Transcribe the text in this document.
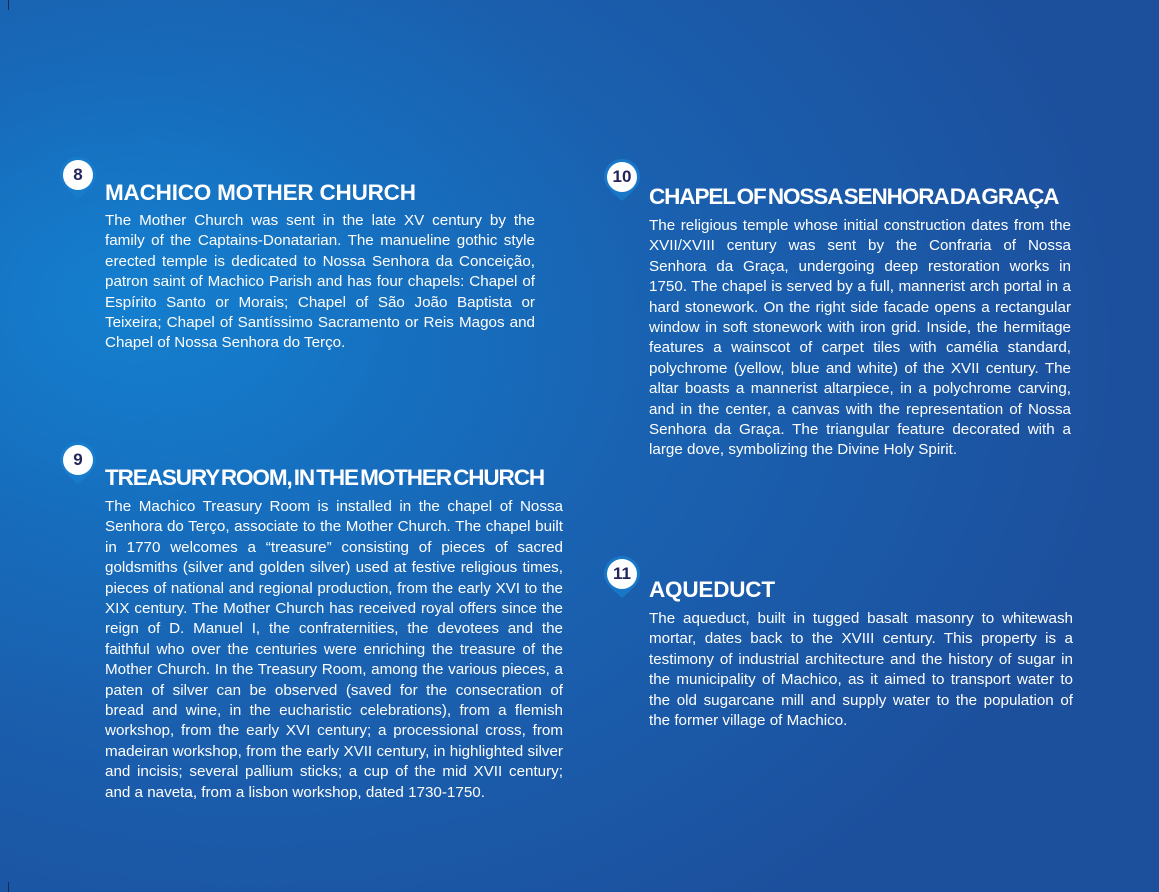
8
MACHICO MOTHER CHURCH
The Mother Church was sent in the late XV century by the family of the Captains-Donatarian. The manueline gothic style erected temple is dedicated to Nossa Senhora da Conceição, patron saint of Machico Parish and has four chapels: Chapel of Espírito Santo or Morais; Chapel of São João Baptista or Teixeira; Chapel of Santíssimo Sacramento or Reis Magos and Chapel of Nossa Senhora do Terço.
9
TREASURY ROOM, IN THE MOTHER CHURCH
The Machico Treasury Room is installed in the chapel of Nossa Senhora do Terço, associate to the Mother Church. The chapel built in 1770 welcomes a “treasure” consisting of pieces of sacred goldsmiths (silver and golden silver) used at festive religious times, pieces of national and regional production, from the early XVI to the XIX century. The Mother Church has received royal offers since the reign of D. Manuel I, the confraternities, the devotees and the faithful who over the centuries were enriching the treasure of the Mother Church. In the Treasury Room, among the various pieces, a paten of silver can be observed (saved for the consecration of bread and wine, in the eucharistic celebrations), from a flemish workshop, from the early XVI century; a processional cross, from madeiran workshop, from the early XVII century, in highlighted silver and incisis; several pallium sticks; a cup of the mid XVII century; and a naveta, from a lisbon workshop, dated 1730-1750.
10
CHAPEL OF NOSSA SENHORA DA GRAÇA
The religious temple whose initial construction dates from the XVII/XVIII century was sent by the Confraria of Nossa Senhora da Graça, undergoing deep restoration works in 1750. The chapel is served by a full, mannerist arch portal in a hard stonework. On the right side facade opens a rectangular window in soft stonework with iron grid. Inside, the hermitage features a wainscot of carpet tiles with camélia standard, polychrome (yellow, blue and white) of the XVII century. The altar boasts a mannerist altarpiece, in a polychrome carving, and in the center, a canvas with the representation of Nossa Senhora da Graça. The triangular feature decorated with a large dove, symbolizing the Divine Holy Spirit.
11
AQUEDUCT
The aqueduct, built in tugged basalt masonry to whitewash mortar, dates back to the XVIII century. This property is a testimony of industrial architecture and the history of sugar in the municipality of Machico, as it aimed to transport water to the old sugarcane mill and supply water to the population of the former village of Machico.
